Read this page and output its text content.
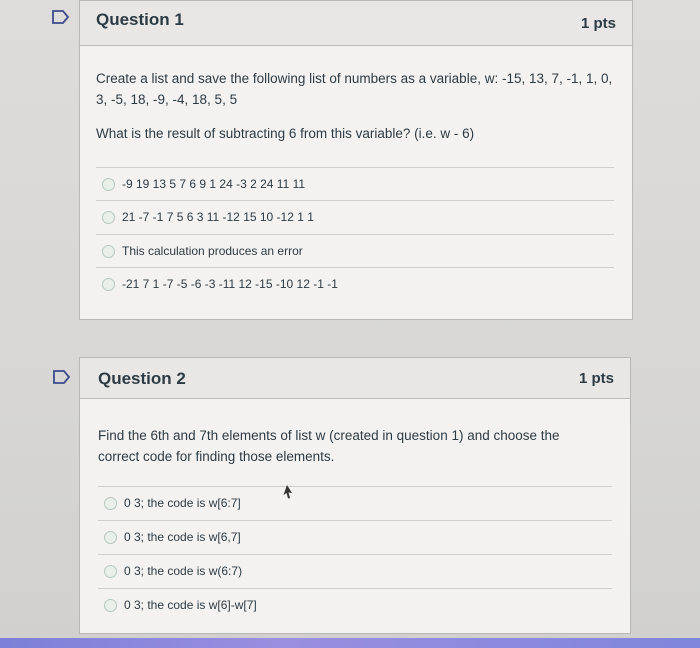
Question 1	1 pts
Create a list and save the following list of numbers as a variable, w: -15, 13, 7, -1, 1, 0, 3, -5, 18, -9, -4, 18, 5, 5
What is the result of subtracting 6 from this variable? (i.e. w - 6)
-9 19 13 5 7 6 9 1 24 -3 2 24 11 11
21 -7 -1 7 5 6 3 11 -12 15 10 -12 1 1
This calculation produces an error
-21 7 1 -7 -5 -6 -3 -11 12 -15 -10 12 -1 -1
Question 2	1 pts
Find the 6th and 7th elements of list w (created in question 1) and choose the correct code for finding those elements.
0 3; the code is w[6:7]
0 3; the code is w[6,7]
0 3; the code is w(6:7)
0 3; the code is w[6]-w[7]
